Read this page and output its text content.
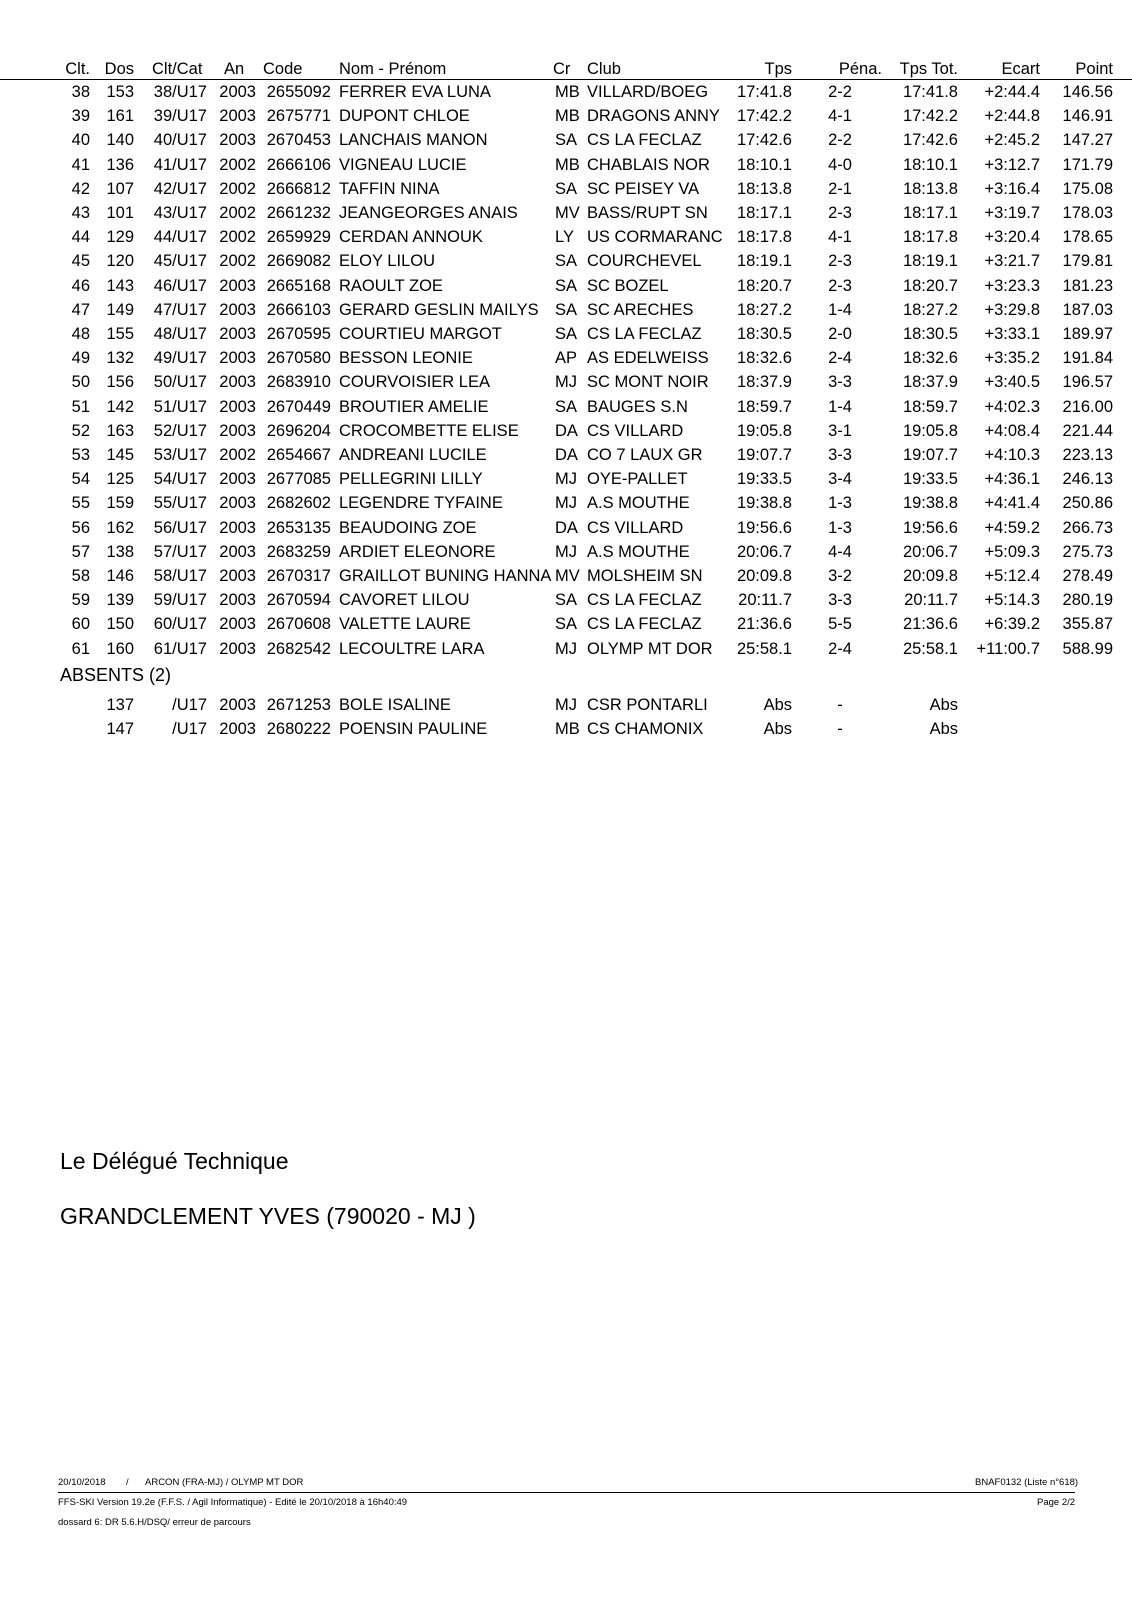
Clt. Dos Clt/Cat	An Code Nom - Prénom	Cr Club	Tps	Péna.	Tps Tot.	Ecart	Point
38 153	38/U17 2003 2655092 FERRER EVA LUNA	MB VILLARD/BOEG	17:41.8	2-2	17:41.8	+2:44.4	146.56
39 161	39/U17 2003 2675771 DUPONT CHLOE	MB DRAGONS ANNY	17:42.2	4-1	17:42.2	+2:44.8	146.91
40 140	40/U17 2003 2670453 LANCHAIS MANON	SA CS LA FECLAZ	17:42.6	2-2	17:42.6	+2:45.2	147.27
41 136	41/U17 2002 2666106 VIGNEAU LUCIE	MB CHABLAIS NOR	18:10.1	4-0	18:10.1	+3:12.7	171.79
42 107	42/U17 2002 2666812 TAFFIN NINA	SA SC PEISEY VA	18:13.8	2-1	18:13.8	+3:16.4	175.08
43 101	43/U17 2002 2661232 JEANGEORGES ANAIS MV BASS/RUPT SN	18:17.1	2-3	18:17.1	+3:19.7	178.03
44 129	44/U17 2002 2659929 CERDAN ANNOUK	LY US CORMARANC 18:17.8	4-1	18:17.8	+3:20.4	178.65
45 120	45/U17 2002 2669082 ELOY LILOU	SA COURCHEVEL	18:19.1	2-3	18:19.1	+3:21.7	179.81
46 143	46/U17 2003 2665168 RAOULT ZOE	SA SC BOZEL	18:20.7	2-3	18:20.7	+3:23.3	181.23
47 149	47/U17 2003 2666103 GERARD GESLIN MAILYS SA SC ARECHES	18:27.2	1-4	18:27.2	+3:29.8	187.03
48 155	48/U17 2003 2670595 COURTIEU MARGOT	SA CS LA FECLAZ	18:30.5	2-0	18:30.5	+3:33.1	189.97
49 132	49/U17 2003 2670580 BESSON LEONIE	AP AS EDELWEISS	18:32.6	2-4	18:32.6	+3:35.2	191.84
50 156	50/U17 2003 2683910 COURVOISIER LEA	MJ SC MONT NOIR	18:37.9	3-3	18:37.9	+3:40.5	196.57
51 142	51/U17 2003 2670449 BROUTIER AMELIE	SA BAUGES S.N	18:59.7	1-4	18:59.7	+4:02.3	216.00
52 163	52/U17 2003 2696204 CROCOMBETTE ELISE DA CS VILLARD	19:05.8	3-1	19:05.8	+4:08.4	221.44
53 145	53/U17 2002 2654667 ANDREANI LUCILE	DA CO 7 LAUX GR	19:07.7	3-3	19:07.7	+4:10.3	223.13
54 125	54/U17 2003 2677085 PELLEGRINI LILLY	MJ OYE-PALLET	19:33.5	3-4	19:33.5	+4:36.1	246.13
55 159	55/U17 2003 2682602 LEGENDRE TYFAINE	MJ A.S MOUTHE	19:38.8	1-3	19:38.8	+4:41.4	250.86
56 162	56/U17 2003 2653135 BEAUDOING ZOE	DA CS VILLARD	19:56.6	1-3	19:56.6	+4:59.2	266.73
57 138	57/U17 2003 2683259 ARDIET ELEONORE	MJ A.S MOUTHE	20:06.7	4-4	20:06.7	+5:09.3	275.73
58 146	58/U17 2003 2670317 GRAILLOT BUNING HANNA MV MOLSHEIM SN	20:09.8	3-2	20:09.8	+5:12.4	278.49
59 139	59/U17 2003 2670594 CAVORET LILOU	SA CS LA FECLAZ	20:11.7	3-3	20:11.7	+5:14.3	280.19
60 150	60/U17 2003 2670608 VALETTE LAURE	SA CS LA FECLAZ	21:36.6	5-5	21:36.6	+6:39.2	355.87
61 160	61/U17 2003 2682542 LECOULTRE LARA	MJ OLYMP MT DOR	25:58.1	2-4	25:58.1	+11:00.7	588.99
ABSENTS (2)
137	/U17 2003 2671253 BOLE ISALINE	MJ CSR PONTARLI	Abs	-	Abs
147	/U17 2003 2680222 POENSIN PAULINE	MB CS CHAMONIX	Abs	-	Abs
Le Délégué Technique
GRANDCLEMENT YVES (790020 - MJ )
20/10/2018 / ARCON (FRA-MJ) / OLYMP MT DOR	BNAF0132 (Liste n°618)
FFS-SKI Version 19.2e (F.F.S. / Agil Informatique) - Edité le 20/10/2018 à 16h40:49	Page 2/2
dossard 6: DR 5.6.H/DSQ/ erreur de parcours
